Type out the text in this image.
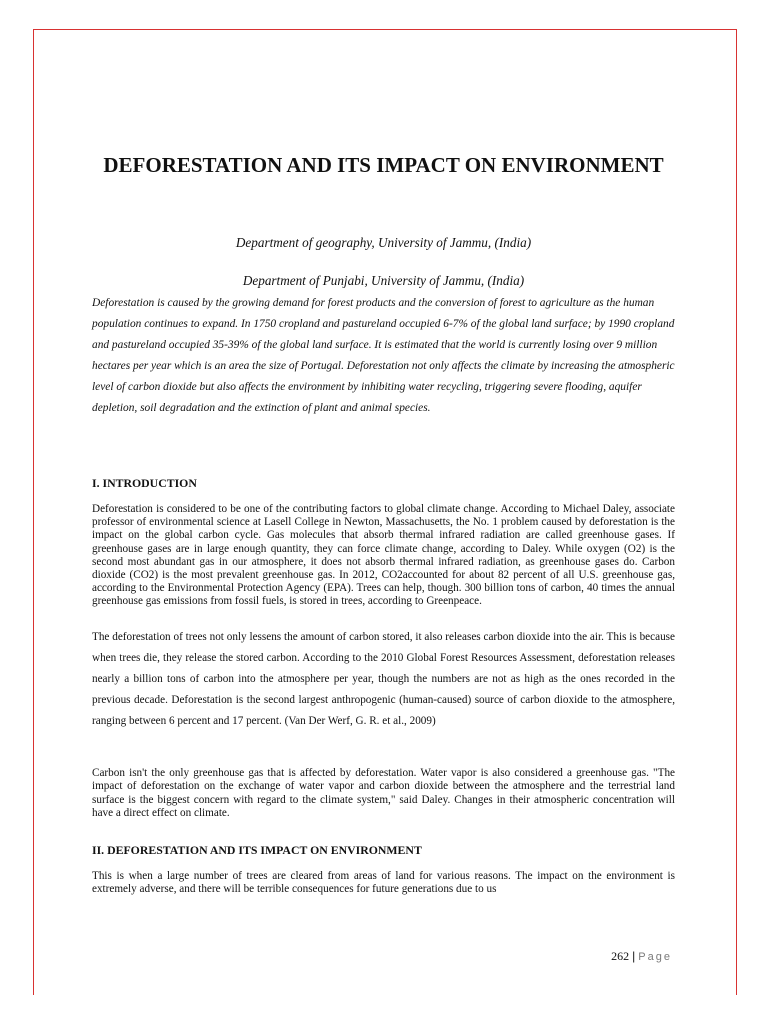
DEFORESTATION AND ITS IMPACT ON ENVIRONMENT
Department of geography, University of Jammu, (India)
Department of Punjabi, University of Jammu, (India)
Deforestation is caused by the growing demand for forest products and the conversion of forest to agriculture as the human population continues to expand. In 1750 cropland and pastureland occupied 6-7% of the global land surface; by 1990 cropland and pastureland occupied 35-39% of the global land surface. It is estimated that the world is currently losing over 9 million hectares per year which is an area the size of Portugal. Deforestation not only affects the climate by increasing the atmospheric level of carbon dioxide but also affects the environment by inhibiting water recycling, triggering severe flooding, aquifer depletion, soil degradation and the extinction of plant and animal species.
I. INTRODUCTION

Deforestation is considered to be one of the contributing factors to global climate change. According to Michael Daley, associate professor of environmental science at Lasell College in Newton, Massachusetts, the No. 1 problem caused by deforestation is the impact on the global carbon cycle. Gas molecules that absorb thermal infrared radiation are called greenhouse gases. If greenhouse gases are in large enough quantity, they can force climate change, according to Daley. While oxygen (O2) is the second most abundant gas in our atmosphere, it does not absorb thermal infrared radiation, as greenhouse gases do. Carbon dioxide (CO2) is the most prevalent greenhouse gas. In 2012, CO2accounted for about 82 percent of all U.S. greenhouse gas, according to the Environmental Protection Agency (EPA). Trees can help, though. 300 billion tons of carbon, 40 times the annual greenhouse gas emissions from fossil fuels, is stored in trees, according to Greenpeace.

The deforestation of trees not only lessens the amount of carbon stored, it also releases carbon dioxide into the air. This is because when trees die, they release the stored carbon. According to the 2010 Global Forest Resources Assessment, deforestation releases nearly a billion tons of carbon into the atmosphere per year, though the numbers are not as high as the ones recorded in the previous decade. Deforestation is the second largest anthropogenic (human-caused) source of carbon dioxide to the atmosphere, ranging between 6 percent and 17 percent. (Van Der Werf, G. R. et al., 2009)

Carbon isn't the only greenhouse gas that is affected by deforestation. Water vapor is also considered a greenhouse gas. "The impact of deforestation on the exchange of water vapor and carbon dioxide between the atmosphere and the terrestrial land surface is the biggest concern with regard to the climate system," said Daley. Changes in their atmospheric concentration will have a direct effect on climate.

II. DEFORESTATION AND ITS IMPACT ON ENVIRONMENT

This is when a large number of trees are cleared from areas of land for various reasons. The impact on the environment is extremely adverse, and there will be terrible consequences for future generations due to us

262 | Page
